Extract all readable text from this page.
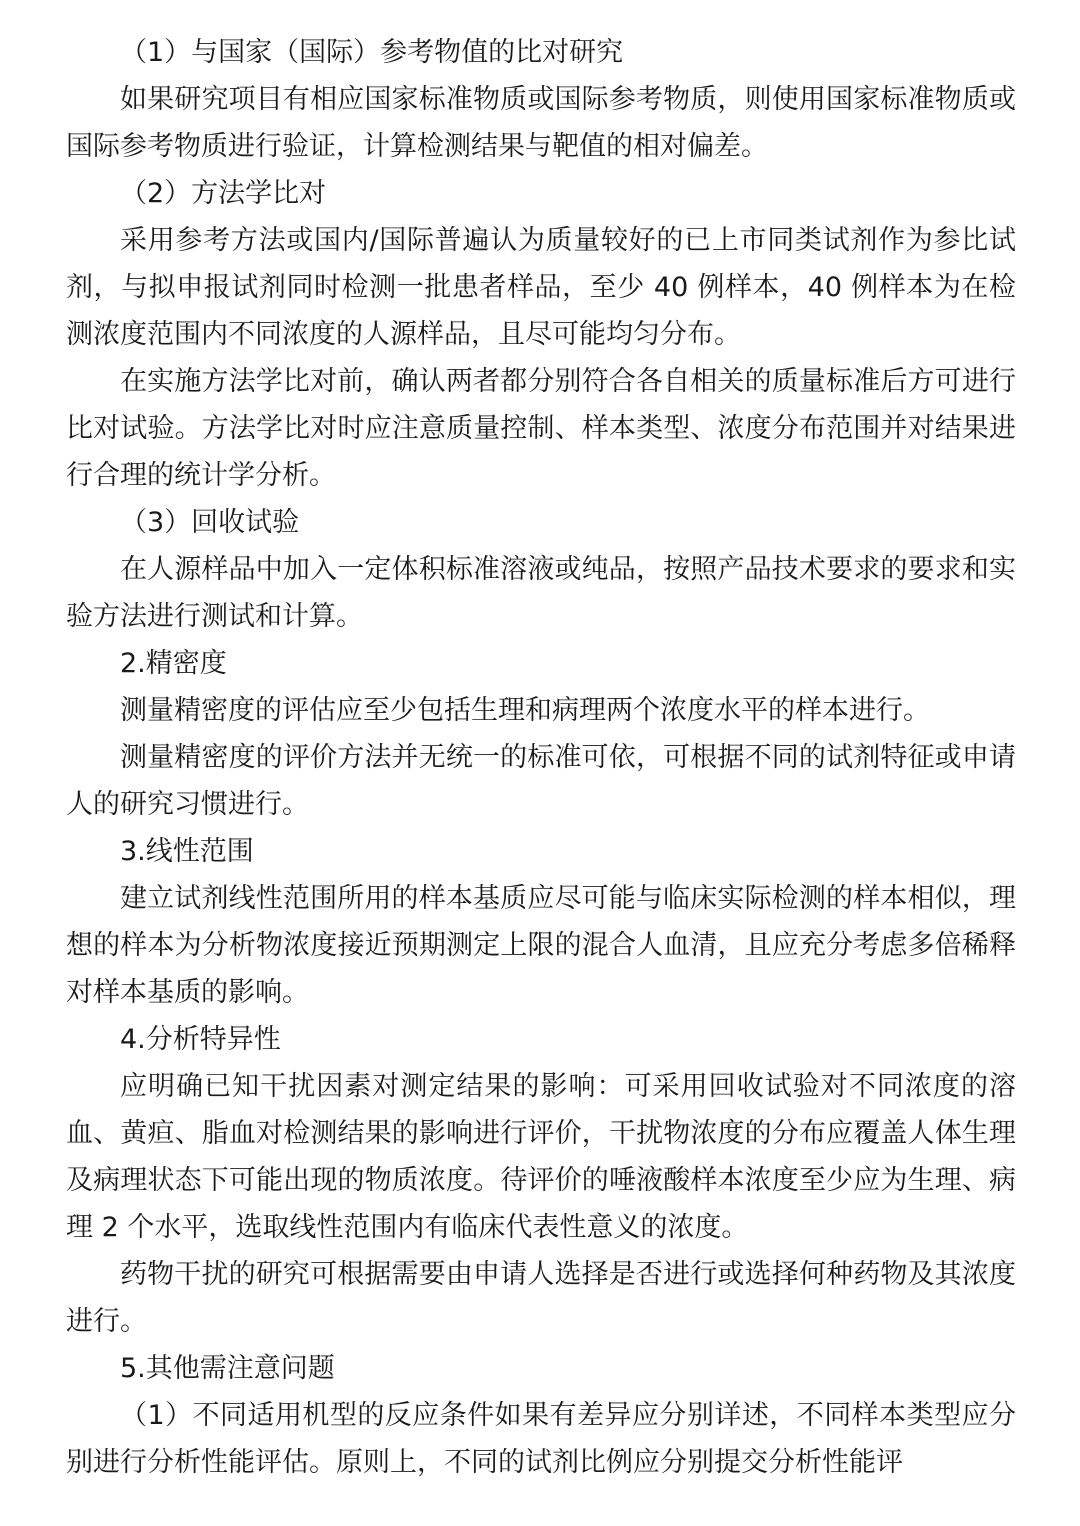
（1）与国家（国际）参考物值的比对研究

如果研究项目有相应国家标准物质或国际参考物质，则使用国家标准物质或国际参考物质进行验证，计算检测结果与靶值的相对偏差。

（2）方法学比对

采用参考方法或国内/国际普遍认为质量较好的已上市同类试剂作为参比试剂，与拟申报试剂同时检测一批患者样品，至少 40 例样本，40 例样本为在检测浓度范围内不同浓度的人源样品，且尽可能均匀分布。

在实施方法学比对前，确认两者都分别符合各自相关的质量标准后方可进行比对试验。方法学比对时应注意质量控制、样本类型、浓度分布范围并对结果进行合理的统计学分析。

（3）回收试验

在人源样品中加入一定体积标准溶液或纯品，按照产品技术要求的要求和实验方法进行测试和计算。

2.精密度

测量精密度的评估应至少包括生理和病理两个浓度水平的样本进行。

测量精密度的评价方法并无统一的标准可依，可根据不同的试剂特征或申请人的研究习惯进行。

3.线性范围

建立试剂线性范围所用的样本基质应尽可能与临床实际检测的样本相似，理想的样本为分析物浓度接近预期测定上限的混合人血清，且应充分考虑多倍稀释对样本基质的影响。

4.分析特异性

应明确已知干扰因素对测定结果的影响：可采用回收试验对不同浓度的溶血、黄疸、脂血对检测结果的影响进行评价，干扰物浓度的分布应覆盖人体生理及病理状态下可能出现的物质浓度。待评价的唾液酸样本浓度至少应为生理、病理 2 个水平，选取线性范围内有临床代表性意义的浓度。

药物干扰的研究可根据需要由申请人选择是否进行或选择何种药物及其浓度进行。

5.其他需注意问题

（1）不同适用机型的反应条件如果有差异应分别详述，不同样本类型应分别进行分析性能评估。原则上，不同的试剂比例应分别提交分析性能评
